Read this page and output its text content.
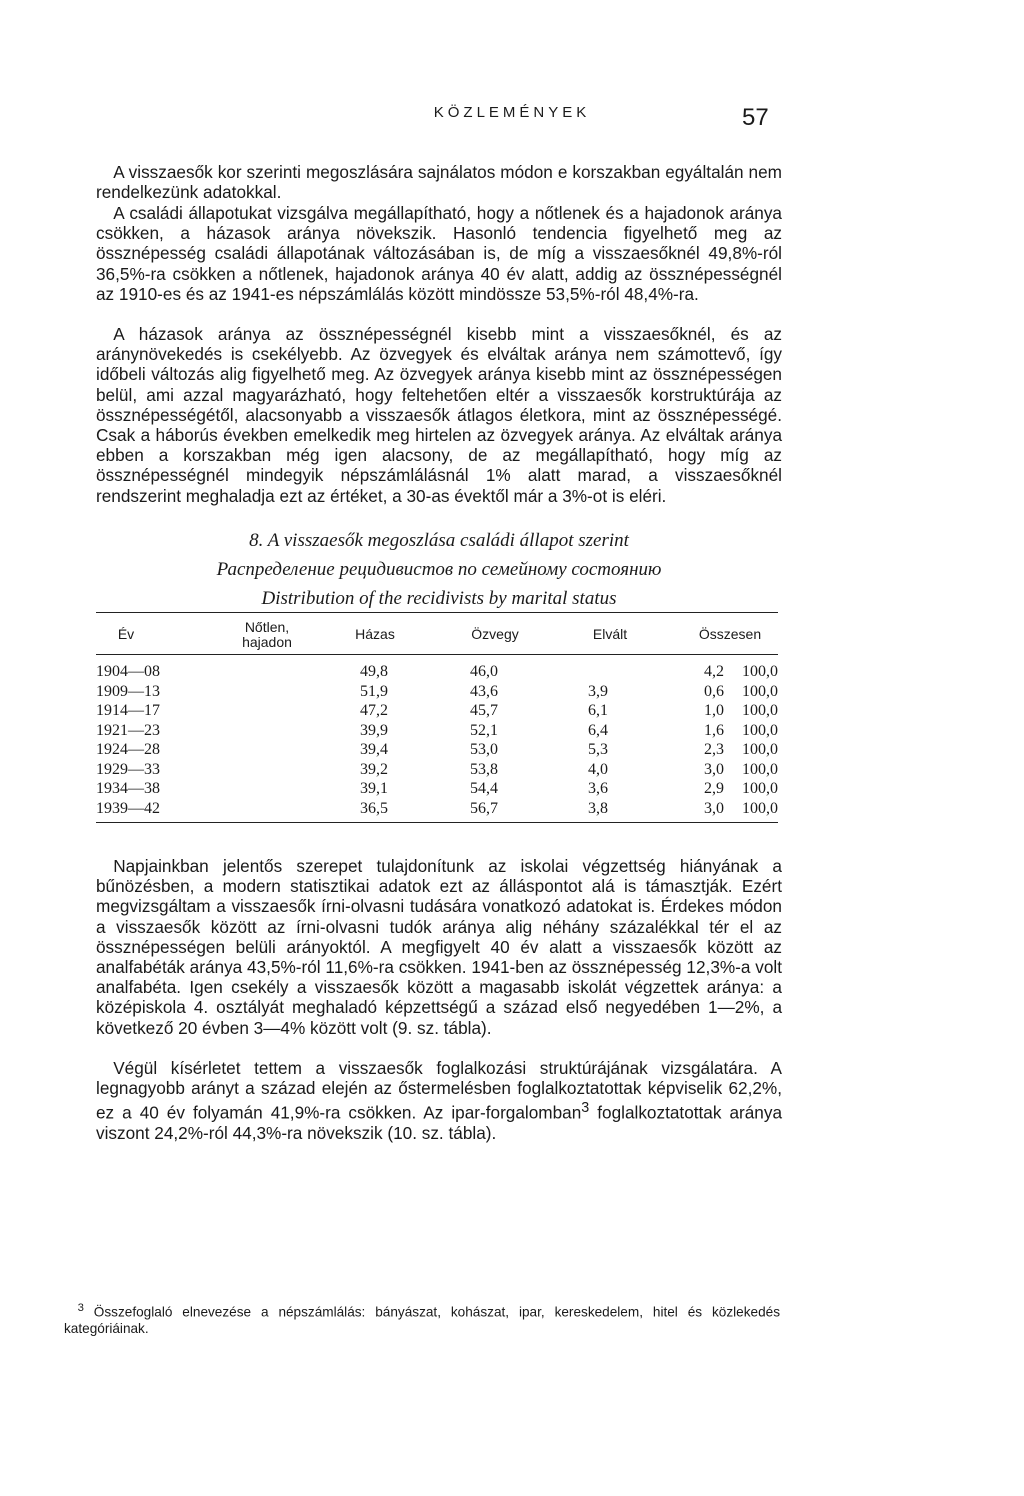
KÖZLEMÉNYEK	57
 A visszaesők kor szerinti megoszlására sajnálatos módon e korszakban egyáltalán nem rendelkezünk adatokkal.
 A családi állapotukat vizsgálva megállapítható, hogy a nőtlenek és a hajadonok aránya csökken, a házasok aránya növekszik. Hasonló tendencia figyelhető meg az össznépesség családi állapotának változásában is, de míg a visszaesőknél 49,8%-ról 36,5%-ra csökken a nőtlenek, hajadonok aránya 40 év alatt, addig az össznépességnél az 1910-es és az 1941-es népszámlálás között mindössze 53,5%-ról 48,4%-ra.
 A házasok aránya az össznépességnél kisebb mint a visszaesőknél, és az aránynövekedés is csekélyebb. Az özvegyek és elváltak aránya nem számottevő, így időbeli változás alig figyelhető meg. Az özvegyek aránya kisebb mint az össznépességen belül, ami azzal magyarázható, hogy feltehetően eltér a visszaesők korstruktúrája az össznépességétől, alacsonyabb a visszaesők átlagos életkora, mint az össznépességé. Csak a háborús években emelkedik meg hirtelen az özvegyek aránya. Az elváltak aránya ebben a korszakban még igen alacsony, de az megállapítható, hogy míg az össznépességnél mindegyik népszámlálásnál 1% alatt marad, a visszaesőknél rendszerint meghaladja ezt az értéket, a 30-as évektől már a 3%-ot is eléri.
8. A visszaesők megoszlása családi állapot szerint
Распределение рецидивистов по семейному состоянию
Distribution of the recidivists by marital status
Év	Nőtlen, hajadon	Házas	Özvegy	Elvált	Összesen
1904—08	49,8	46,0		4,2	100,0
1909—13	51,9	43,6	3,9	0,6	100,0
1914—17	47,2	45,7	6,1	1,0	100,0
1921—23	39,9	52,1	6,4	1,6	100,0
1924—28	39,4	53,0	5,3	2,3	100,0
1929—33	39,2	53,8	4,0	3,0	100,0
1934—38	39,1	54,4	3,6	2,9	100,0
1939—42	36,5	56,7	3,8	3,0	100,0
 Napjainkban jelentős szerepet tulajdonítunk az iskolai végzettség hiányának a bűnözésben, a modern statisztikai adatok ezt az álláspontot alá is támasztják. Ezért megvizsgáltam a visszaesők írni-olvasni tudására vonatkozó adatokat is. Érdekes módon a visszaesők között az írni-olvasni tudók aránya alig néhány százalékkal tér el az össznépességen belüli arányoktól. A megfigyelt 40 év alatt a visszaesők között az analfabéták aránya 43,5%-ról 11,6%-ra csökken. 1941-ben az össznépesség 12,3%-a volt analfabéta. Igen csekély a visszaesők között a magasabb iskolát végzettek aránya: a középiskola 4. osztályát meghaladó képzettségű a század első negyedében 1—2%, a következő 20 évben 3—4% között volt (9. sz. tábla).
 Végül kísérletet tettem a visszaesők foglalkozási struktúrájának vizsgálatára. A legnagyobb arányt a század elején az őstermelésben foglalkoztatottak képviselik 62,2%, ez a 40 év folyamán 41,9%-ra csökken. Az ipar-forgalomban$^3$ foglalkoztatottak aránya viszont 24,2%-ról 44,3%-ra növekszik (10. sz. tábla).
 $^3$ Összefoglaló elnevezése a népszámlálás: bányászat, kohászat, ipar, kereskedelem, hitel és közlekedés kategóriáinak.
